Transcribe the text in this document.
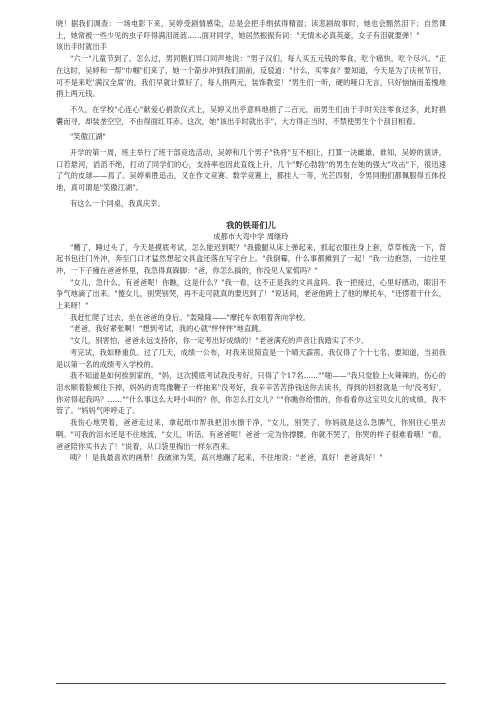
晓！据我们调查：一场电影下来，吴婷受剧情感染，总是会把手绢拭得精湿；读悲剧故事时，她也会黯然泪下；自然课上，她常被一些少见的虫子吓得满泪涟涟……面对同学，她居然振振有词："无情未必真英豪，女子有泪就要弹！"

该出手时就出手

"六一"儿童节到了，怎么过，男同胞们异口同声地说："男子汉们，每人买五元钱的零食，吃个痛快，吃个尽兴。"正在这时，吴婷和一帮"巾帼"们来了，她一个箭步冲到我们面前，反驳道："什么，买零食？要知道，今天是为了庆祝节日，可不是来吃'满汉全席'的，我们早就计算好了，每人捐两元，装饰教室！"男生们一听，硬的哑口无言，只好恼恼而羞愧地捐上两元钱。

不久，在学校"心连心"献爱心捐款仪式上，吴婷又出乎意料地捐了二百元，而男生们由于手时关注零食过多，此时捐囊而寻，却装垄空空，不由得面红耳赤。这次，她"该出手时就出手"，大方得正当时，不禁使男生个个刮目相看。

"笑傲江湖"

开学的第一周，班主举行了班干部竞选活动，吴婷和几个男子"铁将"互不相让，打算一决雌雄，谁知，吴婷的演讲，口若悬河，滔滔不绝，打动了同学们的心，支持率也因此直线上升，几个"野心勃勃"的男生在她的强大"攻击"下，很迅速了气的皮球——焉了。吴婷乘胜追击，又在作文竞赛、数学竞赛上，都挂人一等，光芒四射，令男同胞们都佩服得五体投地，真可谓是"笑傲江湖"。

有这么一个同桌，我真庆幸。

我的铁哥们儿

成都市大弯中学 周继玲

"糟了，睡过头了，今天是摸底考试，怎么能迟到呢？"我撒腿从床上弹起来，抓起衣服往身上套，草草梳洗一下，背起书包往门外冲，奔至门口才猛然想起文具盒还落在写字台上。"我倒霉，什么事都摊到了一起！"我一边抱怨，一边往里冲，一下子撞在爸爸怀里，我急得真跺脚："爸，你怎么搞的，你没见人家慌吗？"

"女儿，急什么，有爸爸呢！你瞧，这是什么？"我一看，这不正是我的文具盒吗。我一把接过，心里好感动，眼泪不争气地滴了出来。"傻女儿，别哭别哭，再不走可就真的要迟到了！"说话间，老爸他跨上了他的摩托车，"还愣着干什么，上来呀！"

我赶忙爬了过去，坐在爸爸的身后。"轰隆隆——"摩托车欢唱着奔向学校。

"老爸，我好紧张啊！"想到考试，我的心就"怦怦怦"地直跳。

"女儿，别害怕，爸爸永远支持你，你一定考出好成绩的！"老爸满充的声音让我踏实了不少。

考完试，我如释重负。过了几天，成绩一公布，对我来说简直是一个晴天霹雳，我仅得了个十七名，要知道，当初我是以第一名的成绩考入学校的。

我不知道是如何挨到家的，"妈，这次摸底考试我没考好，只得了个17名……""啪——"我只觉脸上火辣辣的，伤心的泪水顺着脸颊往下掉，妈妈的责骂像鞭子一样抽来"没考好，我辛辛苦苦挣钱送你去读书，得到的回报就是一句'没考好'，你对得起我吗？……""什么事这么大呼小叫的？你，你怎么打女儿？""你瞧你给惯的，你看看你这宝贝女儿的成绩，我不管了。"妈妈气呼呼走了。

我伤心地哭着，爸爸走过来，拿起纸巾帮我把泪水擦干净，"女儿，别哭了，你妈就是这么急脾气，你别往心里去啊。"可我的泪水还是不住地流，"女儿，听话，有爸爸呢！爸爸一定为你撑腰，你就不哭了，你哭的样子很难看哦！"看，爸爸陪你买书去了！"说着，从口袋里掏出一样东西来。

咦？！是我最喜欢的画册！我破涕为笑，高兴地蹦了起来，不住地说："老爸，真好！老爸真好！"
